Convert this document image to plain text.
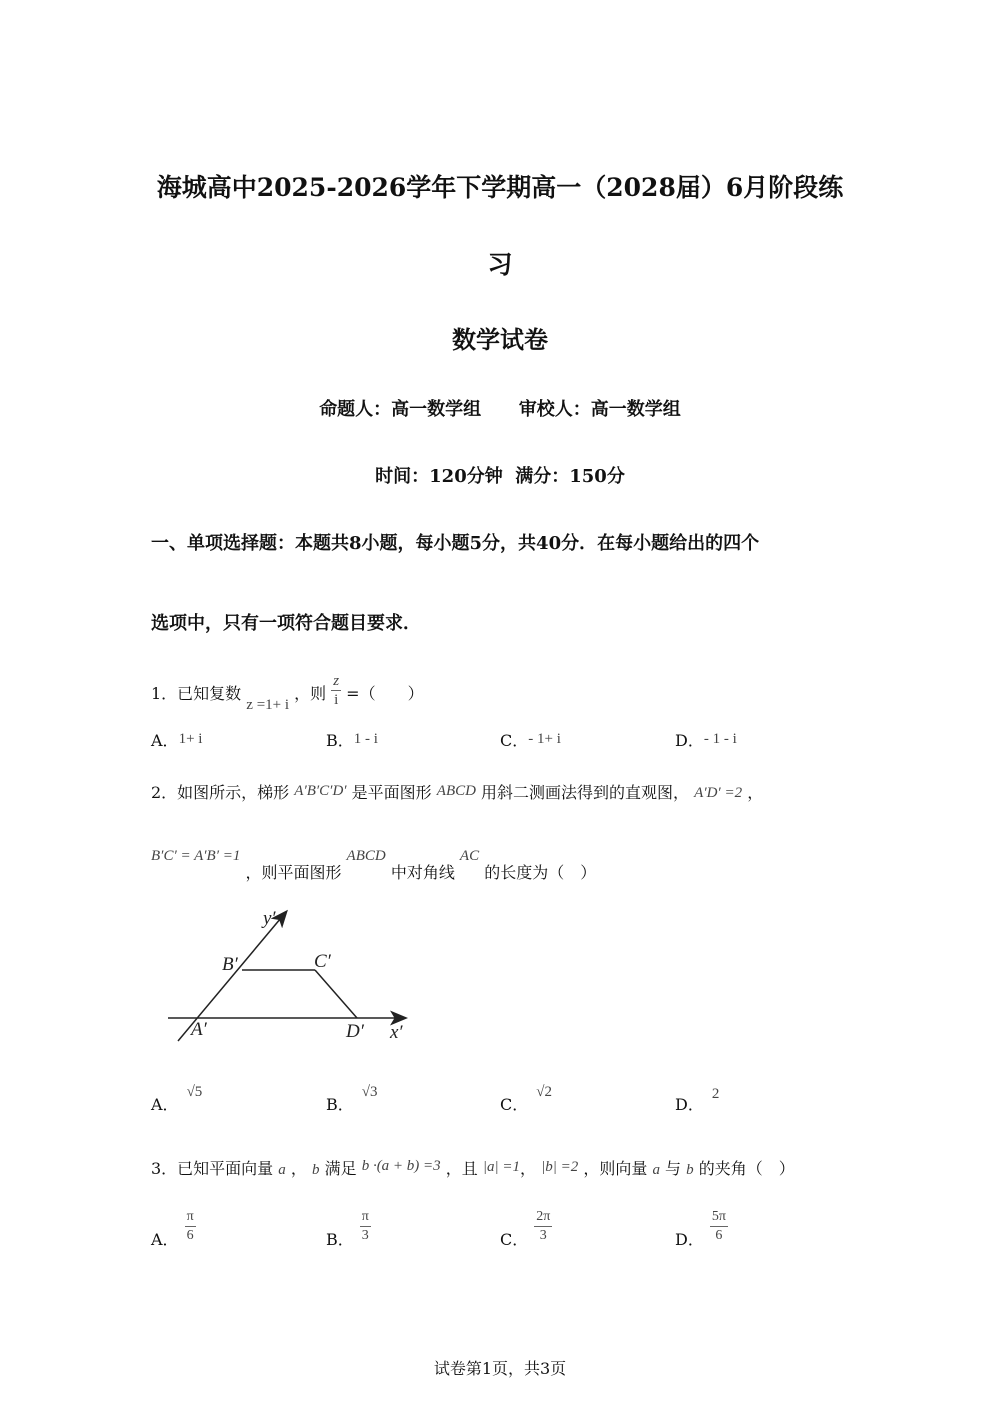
海城高中2025-2026学年下学期高一（2028届）6月阶段练
习
数学试卷
命题人：高一数学组      审校人：高一数学组
时间：120分钟  满分：150分
一、单项选择题：本题共8小题，每小题5分，共40分．在每小题给出的四个
选项中，只有一项符合题目要求．
1．已知复数 z =1+ i ，则 $\frac{z}{i}$ =（　　）
A．1+ i	B．1 - i	C．- 1+ i	D．- 1 - i
2．如图所示，梯形 A′B′C′D′ 是平面图形 ABCD 用斜二测画法得到的直观图， A′D′ =2 ，
B′C′ = A′B′ =1 ，则平面图形 ABCD 中对角线 AC 的长度为（　）
y′
x′
B′	C′
A′	D′
A．√5
B．√3
C．√2
D．2
3．已知平面向量 a ， b 满足 b ·(a + b) =3 ，且 |a| =1， |b| =2 ，则向量 a 与 b 的夹角（　）
A． $\frac{\pi}{6}$	B． $\frac{\pi}{3}$	C． $\frac{2\pi}{3}$	D． $\frac{5\pi}{6}$
试卷第1页，共3页
